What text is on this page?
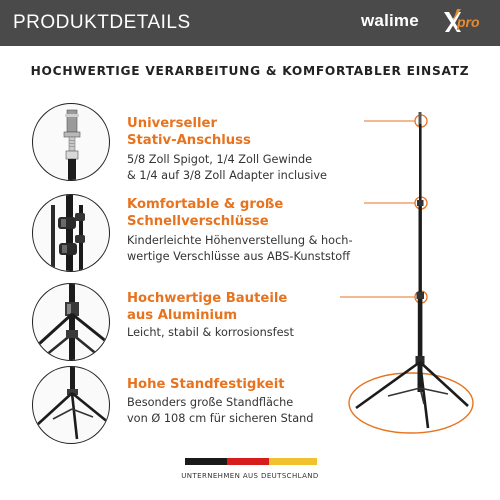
PRODUKTDETAILS	walime	pro
HOCHWERTIGE VERARBEITUNG & KOMFORTABLER EINSATZ
Universeller
Stativ-Anschluss
5/8 Zoll Spigot, 1/4 Zoll Gewinde
& 1/4 auf 3/8 Zoll Adapter inclusive
Komfortable & große
Schnellverschlüsse
Kinderleichte Höhenverstellung & hoch-
wertige Verschlüsse aus ABS-Kunststoff
Hochwertige Bauteile
aus Aluminium
Leicht, stabil & korrosionsfest
Hohe Standfestigkeit
Besonders große Standfläche
von Ø 108 cm für sicheren Stand
UNTERNEHMEN AUS DEUTSCHLAND
